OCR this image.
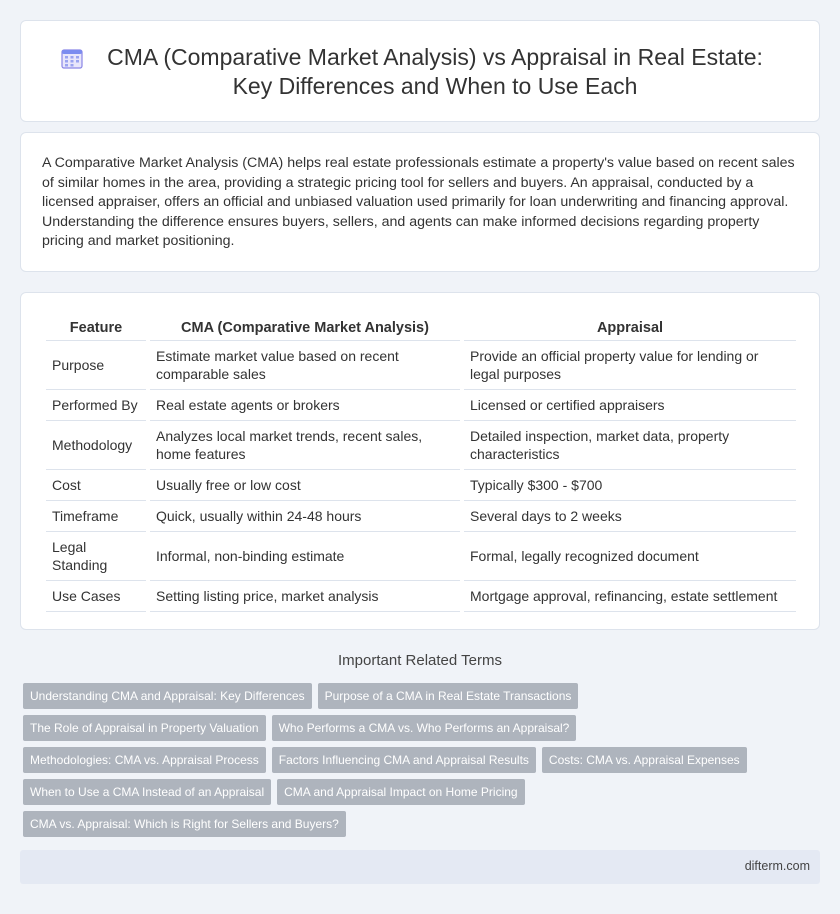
CMA (Comparative Market Analysis) vs Appraisal in Real Estate: Key Differences and When to Use Each

A Comparative Market Analysis (CMA) helps real estate professionals estimate a property's value based on recent sales of similar homes in the area, providing a strategic pricing tool for sellers and buyers. An appraisal, conducted by a licensed appraiser, offers an official and unbiased valuation used primarily for loan underwriting and financing approval. Understanding the difference ensures buyers, sellers, and agents can make informed decisions regarding property pricing and market positioning.

Feature	CMA (Comparative Market Analysis)	Appraisal
Purpose	Estimate market value based on recent comparable sales	Provide an official property value for lending or legal purposes
Performed By	Real estate agents or brokers	Licensed or certified appraisers
Methodology	Analyzes local market trends, recent sales, home features	Detailed inspection, market data, property characteristics
Cost	Usually free or low cost	Typically $300 - $700
Timeframe	Quick, usually within 24-48 hours	Several days to 2 weeks
Legal Standing	Informal, non-binding estimate	Formal, legally recognized document
Use Cases	Setting listing price, market analysis	Mortgage approval, refinancing, estate settlement
Important Related Terms
Understanding CMA and Appraisal: Key Differences	Purpose of a CMA in Real Estate Transactions
The Role of Appraisal in Property Valuation	Who Performs a CMA vs. Who Performs an Appraisal?
Methodologies: CMA vs. Appraisal Process	Factors Influencing CMA and Appraisal Results	Costs: CMA vs. Appraisal Expenses
When to Use a CMA Instead of an Appraisal	CMA and Appraisal Impact on Home Pricing
CMA vs. Appraisal: Which is Right for Sellers and Buyers?
difterm.com
